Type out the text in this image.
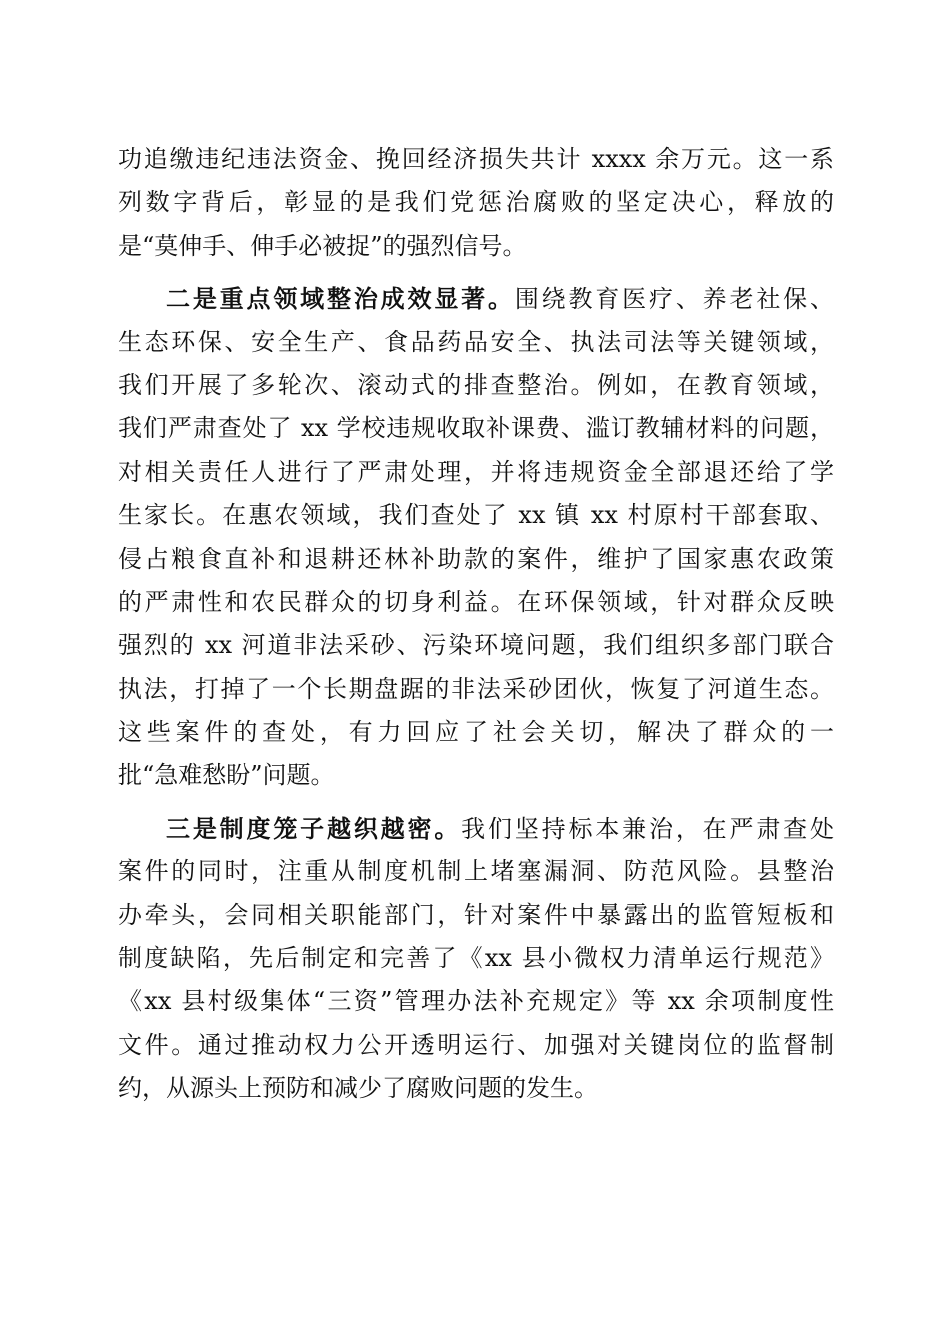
功追缴违纪违法资金、挽回经济损失共计 xxxx 余万元。这一系
列数字背后，彰显的是我们党惩治腐败的坚定决心，释放的
是“莫伸手、伸手必被捉”的强烈信号。
二是重点领域整治成效显著。围绕教育医疗、养老社保、
生态环保、安全生产、食品药品安全、执法司法等关键领域，
我们开展了多轮次、滚动式的排查整治。例如，在教育领域，
我们严肃查处了 xx 学校违规收取补课费、滥订教辅材料的问题，
对相关责任人进行了严肃处理，并将违规资金全部退还给了学
生家长。在惠农领域，我们查处了 xx 镇 xx 村原村干部套取、
侵占粮食直补和退耕还林补助款的案件，维护了国家惠农政策
的严肃性和农民群众的切身利益。在环保领域，针对群众反映
强烈的 xx 河道非法采砂、污染环境问题，我们组织多部门联合
执法，打掉了一个长期盘踞的非法采砂团伙，恢复了河道生态。
这些案件的查处，有力回应了社会关切，解决了群众的一
批“急难愁盼”问题。
三是制度笼子越织越密。我们坚持标本兼治，在严肃查处
案件的同时，注重从制度机制上堵塞漏洞、防范风险。县整治
办牵头，会同相关职能部门，针对案件中暴露出的监管短板和
制度缺陷，先后制定和完善了《xx 县小微权力清单运行规范》
《xx 县村级集体“三资”管理办法补充规定》等 xx 余项制度性
文件。通过推动权力公开透明运行、加强对关键岗位的监督制
约，从源头上预防和减少了腐败问题的发生。
